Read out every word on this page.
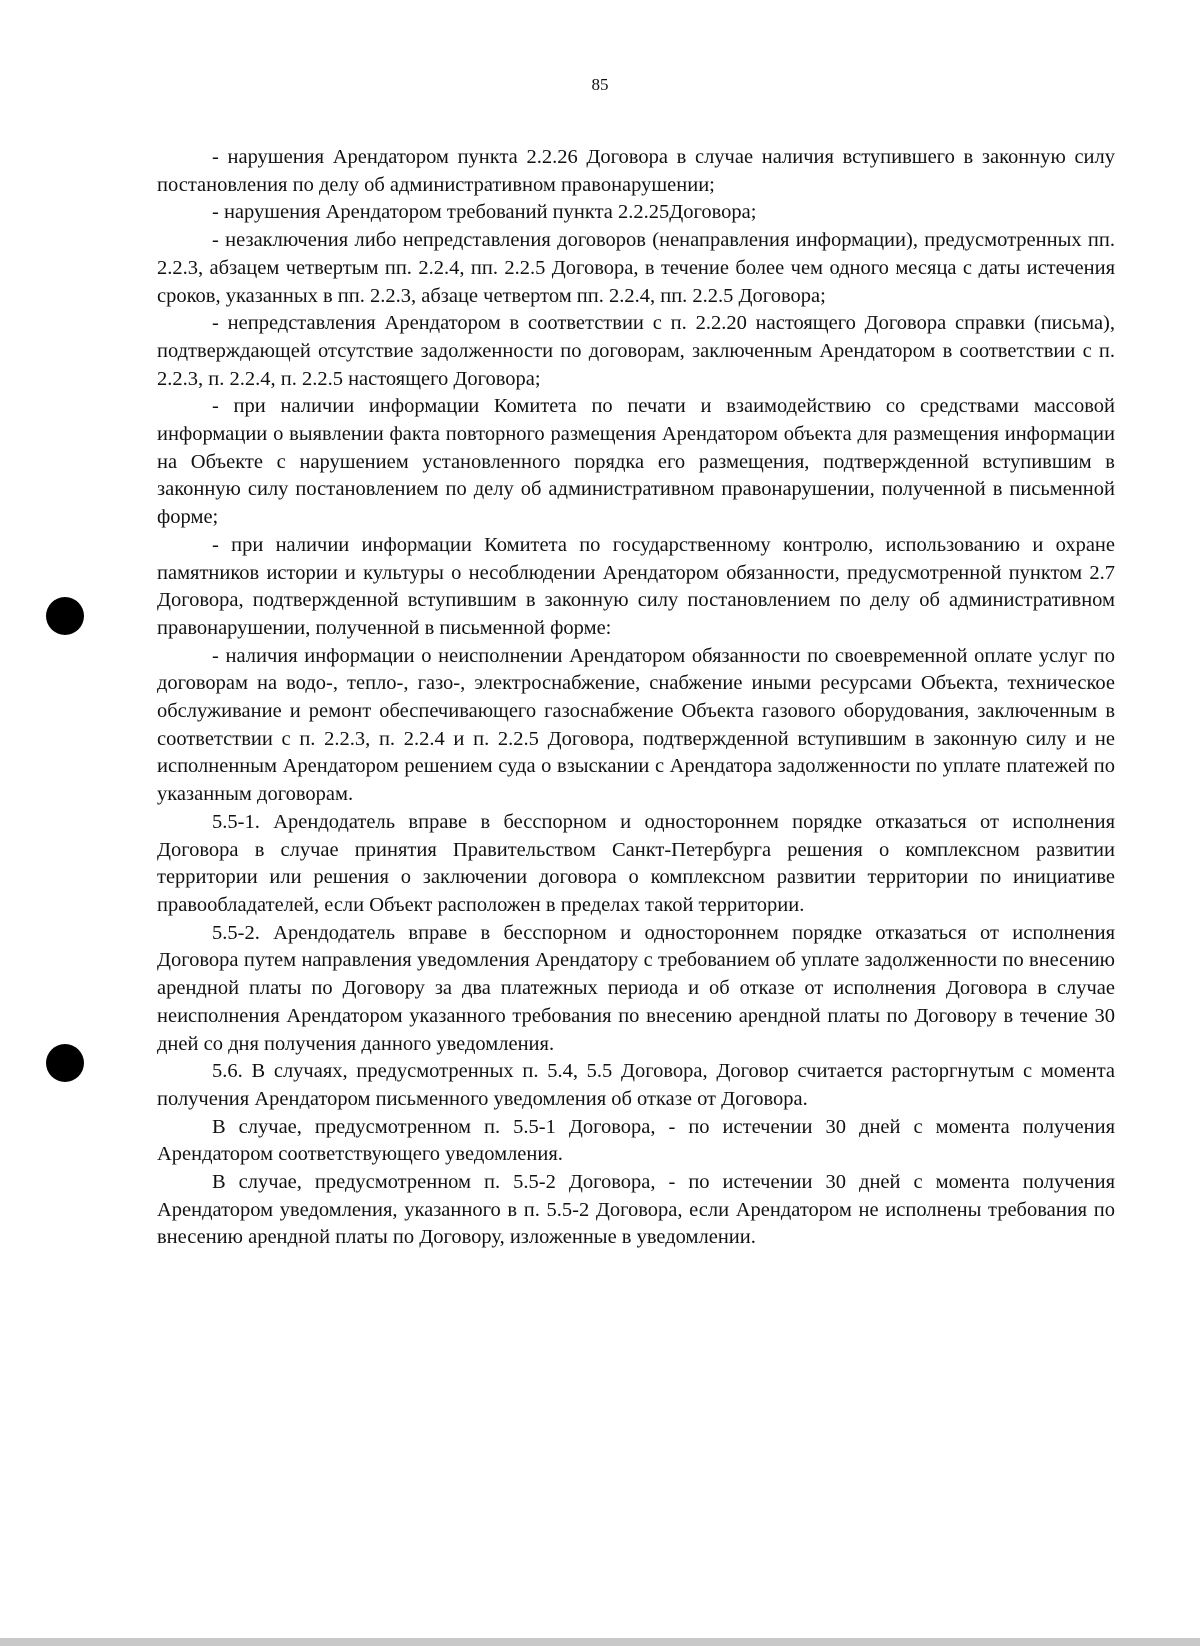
85

- нарушения Арендатором пункта 2.2.26 Договора в случае наличия вступившего в законную силу постановления по делу об административном правонарушении;

- нарушения Арендатором требований пункта 2.2.25Договора;

- незаключения либо непредставления договоров (ненаправления информации), предусмотренных пп. 2.2.3, абзацем четвертым пп. 2.2.4, пп. 2.2.5 Договора, в течение более чем одного месяца с даты истечения сроков, указанных в пп. 2.2.3, абзаце четвертом пп. 2.2.4, пп. 2.2.5 Договора;

- непредставления Арендатором в соответствии с п. 2.2.20 настоящего Договора справки (письма), подтверждающей отсутствие задолженности по договорам, заключенным Арендатором в соответствии с п. 2.2.3, п. 2.2.4, п. 2.2.5 настоящего Договора;

- при наличии информации Комитета по печати и взаимодействию со средствами массовой информации о выявлении факта повторного размещения Арендатором объекта для размещения информации на Объекте с нарушением установленного порядка его размещения, подтвержденной вступившим в законную силу постановлением по делу об административном правонарушении, полученной в письменной форме;

- при наличии информации Комитета по государственному контролю, использованию и охране памятников истории и культуры о несоблюдении Арендатором обязанности, предусмотренной пунктом 2.7 Договора, подтвержденной вступившим в законную силу постановлением по делу об административном правонарушении, полученной в письменной форме:

- наличия информации о неисполнении Арендатором обязанности по своевременной оплате услуг по договорам на водо-, тепло-, газо-, электроснабжение, снабжение иными ресурсами Объекта, техническое обслуживание и ремонт обеспечивающего газоснабжение Объекта газового оборудования, заключенным в соответствии с п. 2.2.3, п. 2.2.4 и п. 2.2.5 Договора, подтвержденной вступившим в законную силу и не исполненным Арендатором решением суда о взыскании с Арендатора задолженности по уплате платежей по указанным договорам.

5.5-1. Арендодатель вправе в бесспорном и одностороннем порядке отказаться от исполнения Договора в случае принятия Правительством Санкт-Петербурга решения о комплексном развитии территории или решения о заключении договора о комплексном развитии территории по инициативе правообладателей, если Объект расположен в пределах такой территории.

5.5-2. Арендодатель вправе в бесспорном и одностороннем порядке отказаться от исполнения Договора путем направления уведомления Арендатору с требованием об уплате задолженности по внесению арендной платы по Договору за два платежных периода и об отказе от исполнения Договора в случае неисполнения Арендатором указанного требования по внесению арендной платы по Договору в течение 30 дней со дня получения данного уведомления.

5.6. В случаях, предусмотренных п. 5.4, 5.5 Договора, Договор считается расторгнутым с момента получения Арендатором письменного уведомления об отказе от Договора.

В случае, предусмотренном п. 5.5-1 Договора, - по истечении 30 дней с момента получения Арендатором соответствующего уведомления.

В случае, предусмотренном п. 5.5-2 Договора, - по истечении 30 дней с момента получения Арендатором уведомления, указанного в п. 5.5-2 Договора, если Арендатором не исполнены требования по внесению арендной платы по Договору, изложенные в уведомлении.
